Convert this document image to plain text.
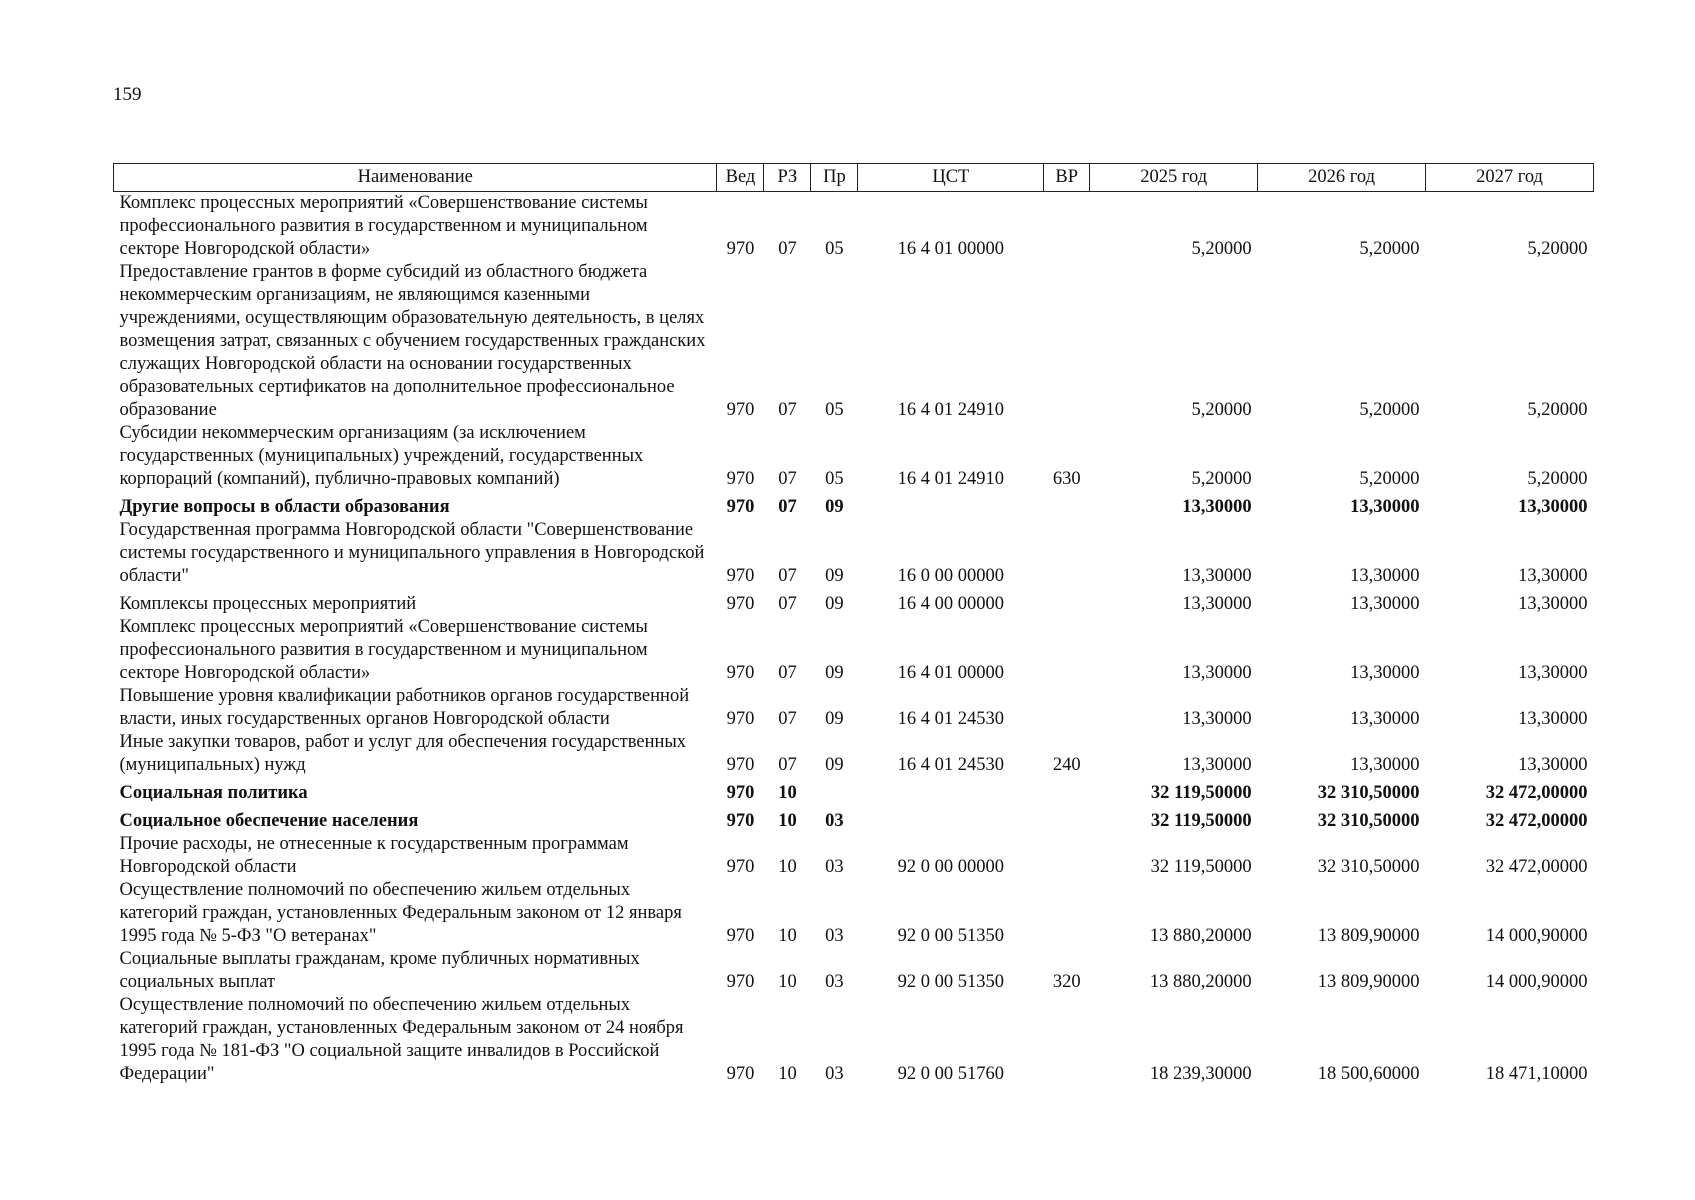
159
Наименование	Вед	РЗ	Пр	ЦСТ	ВР	2025 год	2026 год	2027 год
Комплекс процессных мероприятий «Совершенствование системы профессионального развития в государственном и муниципальном секторе Новгородской области»	970	07	05	16 4 01 00000		5,20000	5,20000	5,20000
Предоставление грантов в форме субсидий из областного бюджета некоммерческим организациям, не являющимся казенными учреждениями, осуществляющим образовательную деятельность, в целях возмещения затрат, связанных с обучением государственных гражданских служащих Новгородской области на основании государственных образовательных сертификатов на дополнительное профессиональное образование	970	07	05	16 4 01 24910		5,20000	5,20000	5,20000
Субсидии некоммерческим организациям (за исключением государственных (муниципальных) учреждений, государственных корпораций (компаний), публично-правовых компаний)	970	07	05	16 4 01 24910	630	5,20000	5,20000	5,20000
Другие вопросы в области образования	970	07	09			13,30000	13,30000	13,30000
Государственная программа Новгородской области "Совершенствование системы государственного и муниципального управления в Новгородской области"	970	07	09	16 0 00 00000		13,30000	13,30000	13,30000
Комплексы процессных мероприятий	970	07	09	16 4 00 00000		13,30000	13,30000	13,30000
Комплекс процессных мероприятий «Совершенствование системы профессионального развития в государственном и муниципальном секторе Новгородской области»	970	07	09	16 4 01 00000		13,30000	13,30000	13,30000
Повышение уровня квалификации работников органов государственной власти, иных государственных органов Новгородской области	970	07	09	16 4 01 24530		13,30000	13,30000	13,30000
Иные закупки товаров, работ и услуг для обеспечения государственных (муниципальных) нужд	970	07	09	16 4 01 24530	240	13,30000	13,30000	13,30000
Социальная политика	970	10				32 119,50000	32 310,50000	32 472,00000
Социальное обеспечение населения	970	10	03			32 119,50000	32 310,50000	32 472,00000
Прочие расходы, не отнесенные к государственным программам Новгородской области	970	10	03	92 0 00 00000		32 119,50000	32 310,50000	32 472,00000
Осуществление полномочий по обеспечению жильем отдельных категорий граждан, установленных Федеральным законом от 12 января 1995 года № 5-ФЗ "О ветеранах"	970	10	03	92 0 00 51350		13 880,20000	13 809,90000	14 000,90000
Социальные выплаты гражданам, кроме публичных нормативных социальных выплат	970	10	03	92 0 00 51350	320	13 880,20000	13 809,90000	14 000,90000
Осуществление полномочий по обеспечению жильем отдельных категорий граждан, установленных Федеральным законом от 24 ноября 1995 года № 181-ФЗ "О социальной защите инвалидов в Российской Федерации"	970	10	03	92 0 00 51760		18 239,30000	18 500,60000	18 471,10000
